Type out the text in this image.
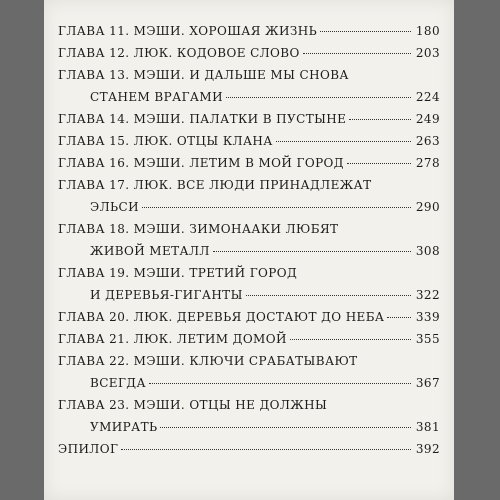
ГЛАВА 11. МЭШИ. ХОРОШАЯ ЖИЗНЬ	180
ГЛАВА 12. ЛЮК. КОДОВОЕ СЛОВО	203
ГЛАВА 13. МЭШИ. И ДАЛЬШЕ МЫ СНОВА
СТАНЕМ ВРАГАМИ	224
ГЛАВА 14. МЭШИ. ПАЛАТКИ В ПУСТЫНЕ	249
ГЛАВА 15. ЛЮК. ОТЦЫ КЛАНА	263
ГЛАВА 16. МЭШИ. ЛЕТИМ В МОЙ ГОРОД	278
ГЛАВА 17. ЛЮК. ВСЕ ЛЮДИ ПРИНАДЛЕЖАТ
ЭЛЬСИ	290
ГЛАВА 18. МЭШИ. ЗИМОНААКИ ЛЮБЯТ
ЖИВОЙ МЕТАЛЛ	308
ГЛАВА 19. МЭШИ. ТРЕТИЙ ГОРОД
И ДЕРЕВЬЯ-ГИГАНТЫ	322
ГЛАВА 20. ЛЮК. ДЕРЕВЬЯ ДОСТАЮТ ДО НЕБА	339
ГЛАВА 21. ЛЮК. ЛЕТИМ ДОМОЙ	355
ГЛАВА 22. МЭШИ. КЛЮЧИ СРАБАТЫВАЮТ
ВСЕГДА	367
ГЛАВА 23. МЭШИ. ОТЦЫ НЕ ДОЛЖНЫ
УМИРАТЬ	381
ЭПИЛОГ	392
